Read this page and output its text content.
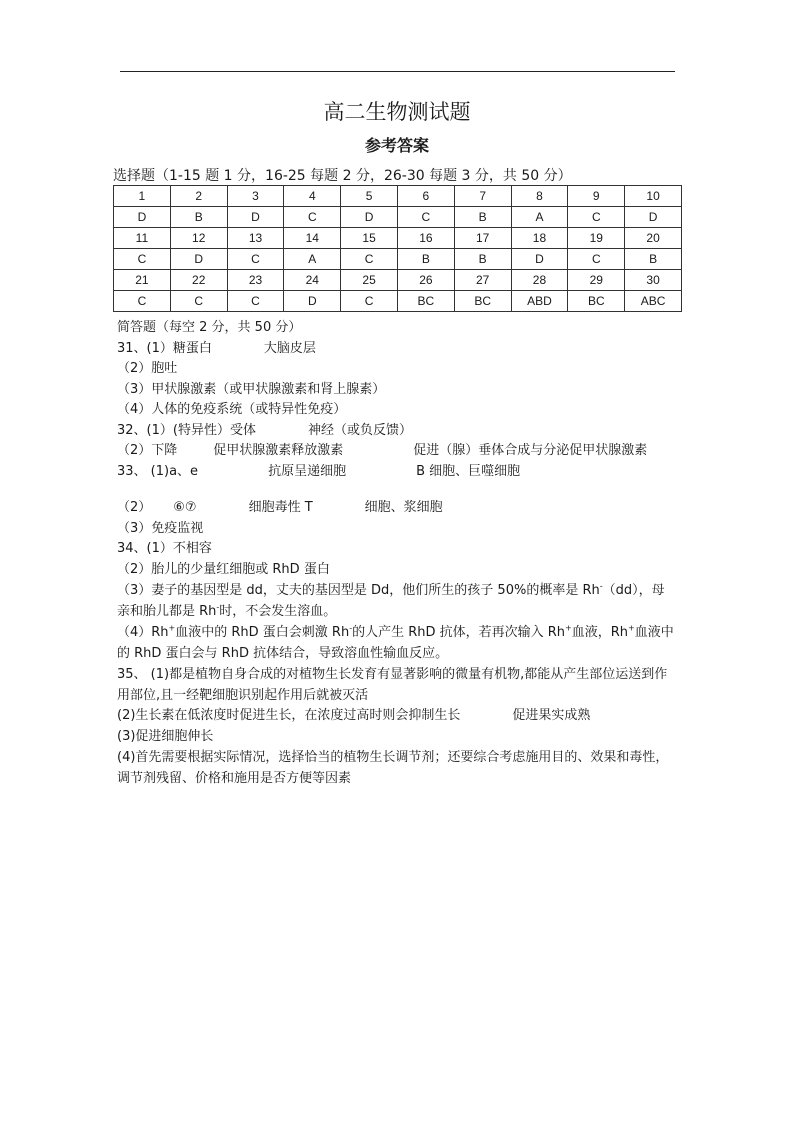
高二生物测试题
参考答案
选择题（1-15 题 1 分，16-25 每题 2 分，26-30 每题 3 分，共 50 分）
1	2	3	4	5	6	7	8	9	10
D	B	D	C	D	C	B	A	C	D
11	12	13	14	15	16	17	18	19	20
C	D	C	A	C	B	B	D	C	B
21	22	23	24	25	26	27	28	29	30
C	C	C	D	C	BC	BC	ABD	BC	ABC
简答题（每空 2 分，共 50 分）
31、(1）糖蛋白	大脑皮层
（2）胞吐
（3）甲状腺激素（或甲状腺激素和肾上腺素）
（4）人体的免疫系统（或特异性免疫）
32、(1）(特异性）受体	神经（或负反馈）
（2）下降	促甲状腺激素释放激素	促进（腺）垂体合成与分泌促甲状腺激素
33、 (1)a、e	抗原呈递细胞	B 细胞、巨噬细胞
（2） ⑥⑦	细胞毒性 T	细胞、浆细胞
（3）免疫监视
34、(1）不相容
（2）胎儿的少量红细胞或 RhD 蛋白
（3）妻子的基因型是 dd，丈夫的基因型是 Dd，他们所生的孩子 50%的概率是 Rh-（dd），母亲和胎儿都是 Rh-时，不会发生溶血。
（4）Rh+血液中的 RhD 蛋白会刺激 Rh-的人产生 RhD 抗体，若再次输入 Rh+血液，Rh+血液中的 RhD 蛋白会与 RhD 抗体结合，导致溶血性输血反应。
35、 (1)都是植物自身合成的对植物生长发育有显著影响的微量有机物,都能从产生部位运送到作用部位,且一经靶细胞识别起作用后就被灭活
(2)生长素在低浓度时促进生长，在浓度过高时则会抑制生长	促进果实成熟
(3)促进细胞伸长
(4)首先需要根据实际情况，选择恰当的植物生长调节剂；还要综合考虑施用目的、效果和毒性，调节剂残留、价格和施用是否方便等因素
